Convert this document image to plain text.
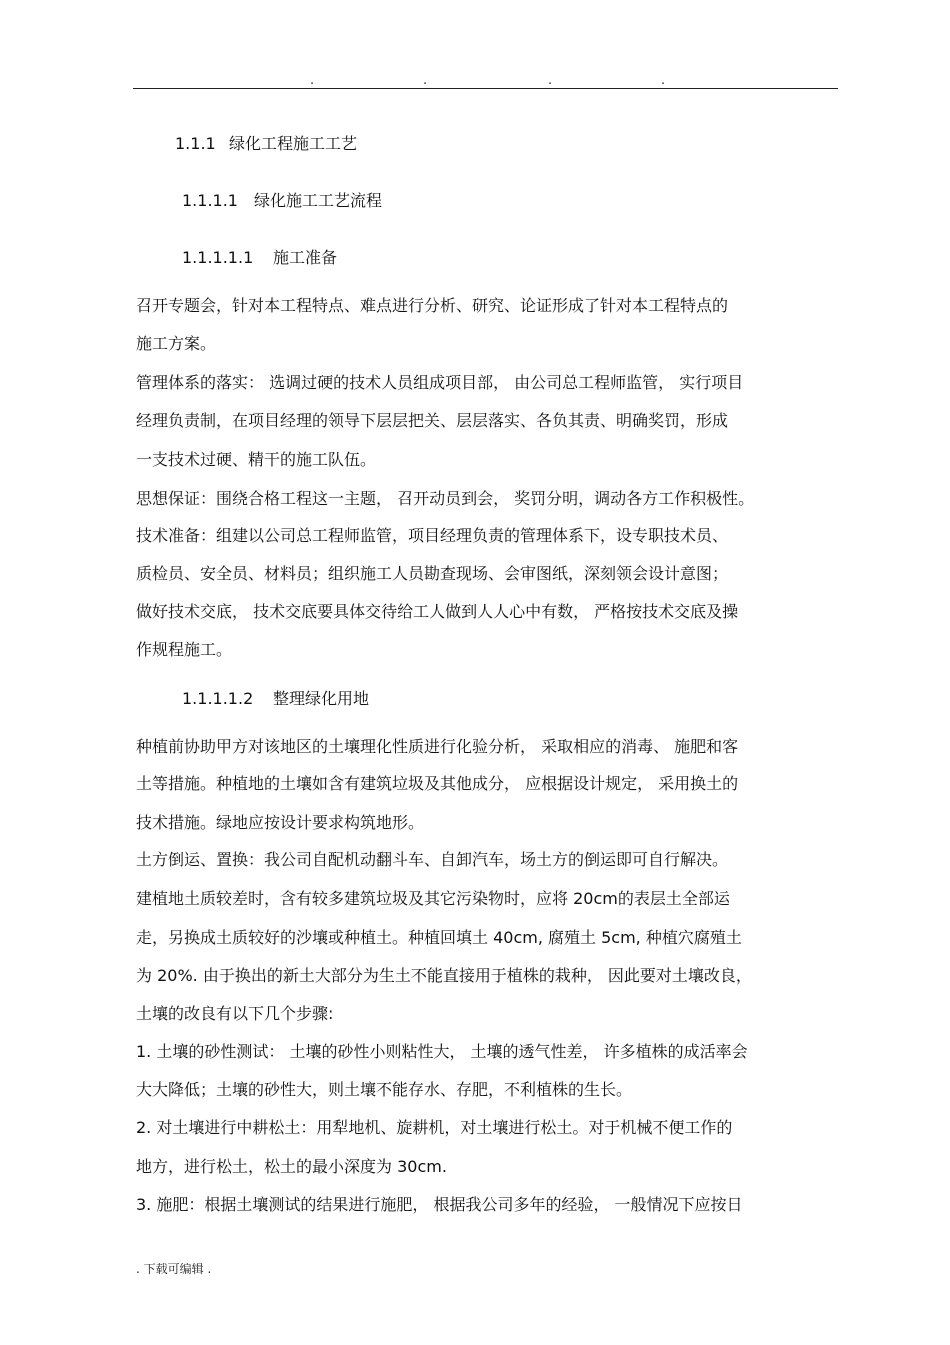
.	.	.	.
1.1.1 绿化工程施工工艺
1.1.1.1 绿化施工工艺流程
1.1.1.1.1 施工准备
召开专题会，针对本工程特点、难点进行分析、研究、论证形成了针对本工程特点的
施工方案。
管理体系的落实： 选调过硬的技术人员组成项目部， 由公司总工程师监管， 实行项目
经理负责制，在项目经理的领导下层层把关、层层落实、各负其责、明确奖罚，形成
一支技术过硬、精干的施工队伍。
思想保证：围绕合格工程这一主题， 召开动员到会， 奖罚分明，调动各方工作积极性。
技术准备：组建以公司总工程师监管，项目经理负责的管理体系下，设专职技术员、
质检员、安全员、材料员；组织施工人员勘查现场、会审图纸，深刻领会设计意图；
做好技术交底， 技术交底要具体交待给工人做到人人心中有数， 严格按技术交底及操
作规程施工。
1.1.1.1.2 整理绿化用地
种植前协助甲方对该地区的土壤理化性质进行化验分析， 采取相应的消毒、 施肥和客
土等措施。种植地的土壤如含有建筑垃圾及其他成分， 应根据设计规定， 采用换土的
技术措施。绿地应按设计要求构筑地形。
土方倒运、置换：我公司自配机动翻斗车、自卸汽车，场土方的倒运即可自行解决。
建植地土质较差时，含有较多建筑垃圾及其它污染物时，应将 20cm的表层土全部运
走，另换成土质较好的沙壤或种植土。种植回填土 40cm, 腐殖土 5cm, 种植穴腐殖土
为 20%. 由于换出的新土大部分为生土不能直接用于植株的栽种， 因此要对土壤改良，
土壤的改良有以下几个步骤:
1. 土壤的砂性测试： 土壤的砂性小则粘性大， 土壤的透气性差， 许多植株的成活率会
大大降低；土壤的砂性大，则土壤不能存水、存肥，不利植株的生长。
2. 对土壤进行中耕松土：用犁地机、旋耕机，对土壤进行松土。对于机械不便工作的
地方，进行松土，松土的最小深度为 30cm.
3. 施肥：根据土壤测试的结果进行施肥， 根据我公司多年的经验， 一般情况下应按日
. 下载可编辑 .
